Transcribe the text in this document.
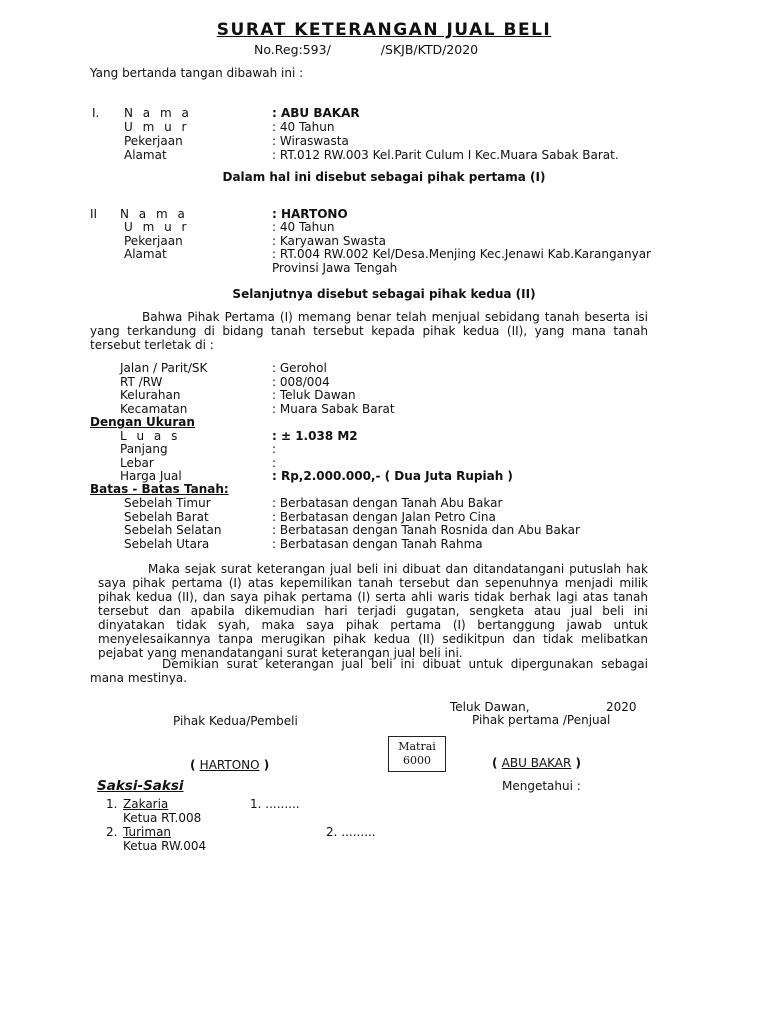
SURAT KETERANGAN JUAL BELI
No.Reg:593/	/SKJB/KTD/2020
Yang bertanda tangan dibawah ini :
I. N a m a	: ABU BAKAR
U m u r	: 40 Tahun
Pekerjaan	: Wiraswasta
Alamat	: RT.012 RW.003 Kel.Parit Culum I Kec.Muara Sabak Barat.
Dalam hal ini disebut sebagai pihak pertama (I)
II N a m a	: HARTONO
U m u r	: 40 Tahun
Pekerjaan	: Karyawan Swasta
Alamat	: RT.004 RW.002 Kel/Desa.Menjing Kec.Jenawi Kab.Karanganyar
Provinsi Jawa Tengah
Selanjutnya disebut sebagai pihak kedua (II)
Bahwa Pihak Pertama (I) memang benar telah menjual sebidang tanah beserta isi yang terkandung di bidang tanah tersebut kepada pihak kedua (II), yang mana tanah tersebut terletak di :
Jalan / Parit/SK	: Gerohol
RT /RW	: 008/004
Kelurahan	: Teluk Dawan
Kecamatan	: Muara Sabak Barat
Dengan Ukuran
L u a s	: ± 1.038 M2
Panjang	:
Lebar	:
Harga Jual	: Rp,2.000.000,- ( Dua Juta Rupiah )
Batas - Batas Tanah:
Sebelah Timur	: Berbatasan dengan Tanah Abu Bakar
Sebelah Barat	: Berbatasan dengan Jalan Petro Cina
Sebelah Selatan	: Berbatasan dengan Tanah Rosnida dan Abu Bakar
Sebelah Utara	: Berbatasan dengan Tanah Rahma
Maka sejak surat keterangan jual beli ini dibuat dan ditandatangani putuslah hak saya pihak pertama (I) atas kepemilikan tanah tersebut dan sepenuhnya menjadi milik pihak kedua (II), dan saya pihak pertama (I) serta ahli waris tidak berhak lagi atas tanah tersebut dan apabila dikemudian hari terjadi gugatan, sengketa atau jual beli ini dinyatakan tidak syah, maka saya pihak pertama (I) bertanggung jawab untuk menyelesaikannya tanpa merugikan pihak kedua (II) sedikitpun dan tidak melibatkan pejabat yang menandatangani surat keterangan jual beli ini.
Demikian surat keterangan jual beli ini dibuat untuk dipergunakan sebagai mana mestinya.
Teluk Dawan,	2020
Pihak pertama /Penjual
Pihak Kedua/Pembeli
Matrai
6000
( HARTONO )	( ABU BAKAR )
Saksi-Saksi	Mengetahui :
1. Zakaria	1. .........
Ketua RT.008
2. Turiman	2. .........
Ketua RW.004
